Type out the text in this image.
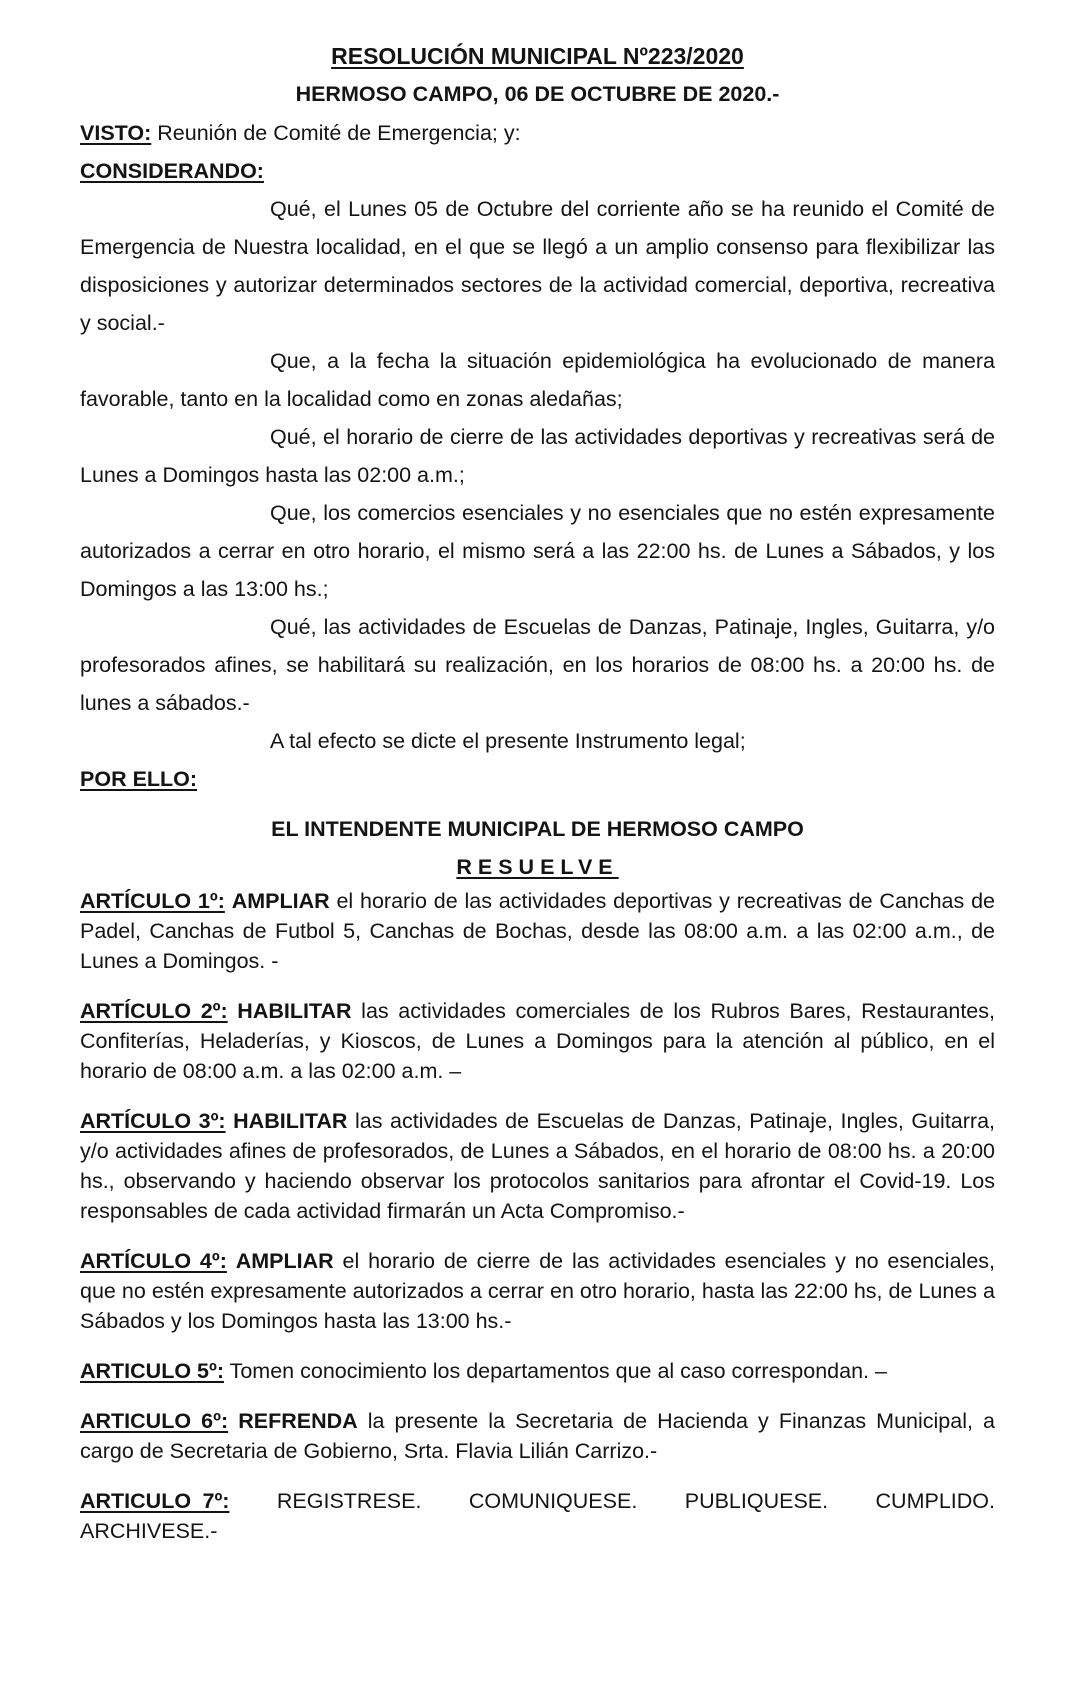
RESOLUCIÓN MUNICIPAL Nº223/2020
HERMOSO CAMPO, 06 DE OCTUBRE DE 2020.-

VISTO: Reunión de Comité de Emergencia; y:

CONSIDERANDO:

Qué, el Lunes 05 de Octubre del corriente año se ha reunido el Comité de Emergencia de Nuestra localidad, en el que se llegó a un amplio consenso para flexibilizar las disposiciones y autorizar determinados sectores de la actividad comercial, deportiva, recreativa y social.-

Que, a la fecha la situación epidemiológica ha evolucionado de manera favorable, tanto en la localidad como en zonas aledañas;

Qué, el horario de cierre de las actividades deportivas y recreativas será de Lunes a Domingos hasta las 02:00 a.m.;

Que, los comercios esenciales y no esenciales que no estén expresamente autorizados a cerrar en otro horario, el mismo será a las 22:00 hs. de Lunes a Sábados, y los Domingos a las 13:00 hs.;

Qué, las actividades de Escuelas de Danzas, Patinaje, Ingles, Guitarra, y/o profesorados afines, se habilitará su realización, en los horarios de 08:00 hs. a 20:00 hs. de lunes a sábados.-

A tal efecto se dicte el presente Instrumento legal;

POR ELLO:

EL INTENDENTE MUNICIPAL DE HERMOSO CAMPO
RESUELVE

ARTÍCULO 1º: AMPLIAR el horario de las actividades deportivas y recreativas de Canchas de Padel, Canchas de Futbol 5, Canchas de Bochas, desde las 08:00 a.m. a las 02:00 a.m., de Lunes a Domingos. -

ARTÍCULO 2º: HABILITAR las actividades comerciales de los Rubros Bares, Restaurantes, Confiterías, Heladerías, y Kioscos, de Lunes a Domingos para la atención al público, en el horario de 08:00 a.m. a las 02:00 a.m. –

ARTÍCULO 3º: HABILITAR las actividades de Escuelas de Danzas, Patinaje, Ingles, Guitarra, y/o actividades afines de profesorados, de Lunes a Sábados, en el horario de 08:00 hs. a 20:00 hs., observando y haciendo observar los protocolos sanitarios para afrontar el Covid-19. Los responsables de cada actividad firmarán un Acta Compromiso.-

ARTÍCULO 4º: AMPLIAR el horario de cierre de las actividades esenciales y no esenciales, que no estén expresamente autorizados a cerrar en otro horario, hasta las 22:00 hs, de Lunes a Sábados y los Domingos hasta las 13:00 hs.-

ARTICULO 5º: Tomen conocimiento los departamentos que al caso correspondan. –

ARTICULO 6º: REFRENDA la presente la Secretaria de Hacienda y Finanzas Municipal, a cargo de Secretaria de Gobierno, Srta. Flavia Lilián Carrizo.-

ARTICULO 7º: REGISTRESE. COMUNIQUESE. PUBLIQUESE. CUMPLIDO. ARCHIVESE.-
